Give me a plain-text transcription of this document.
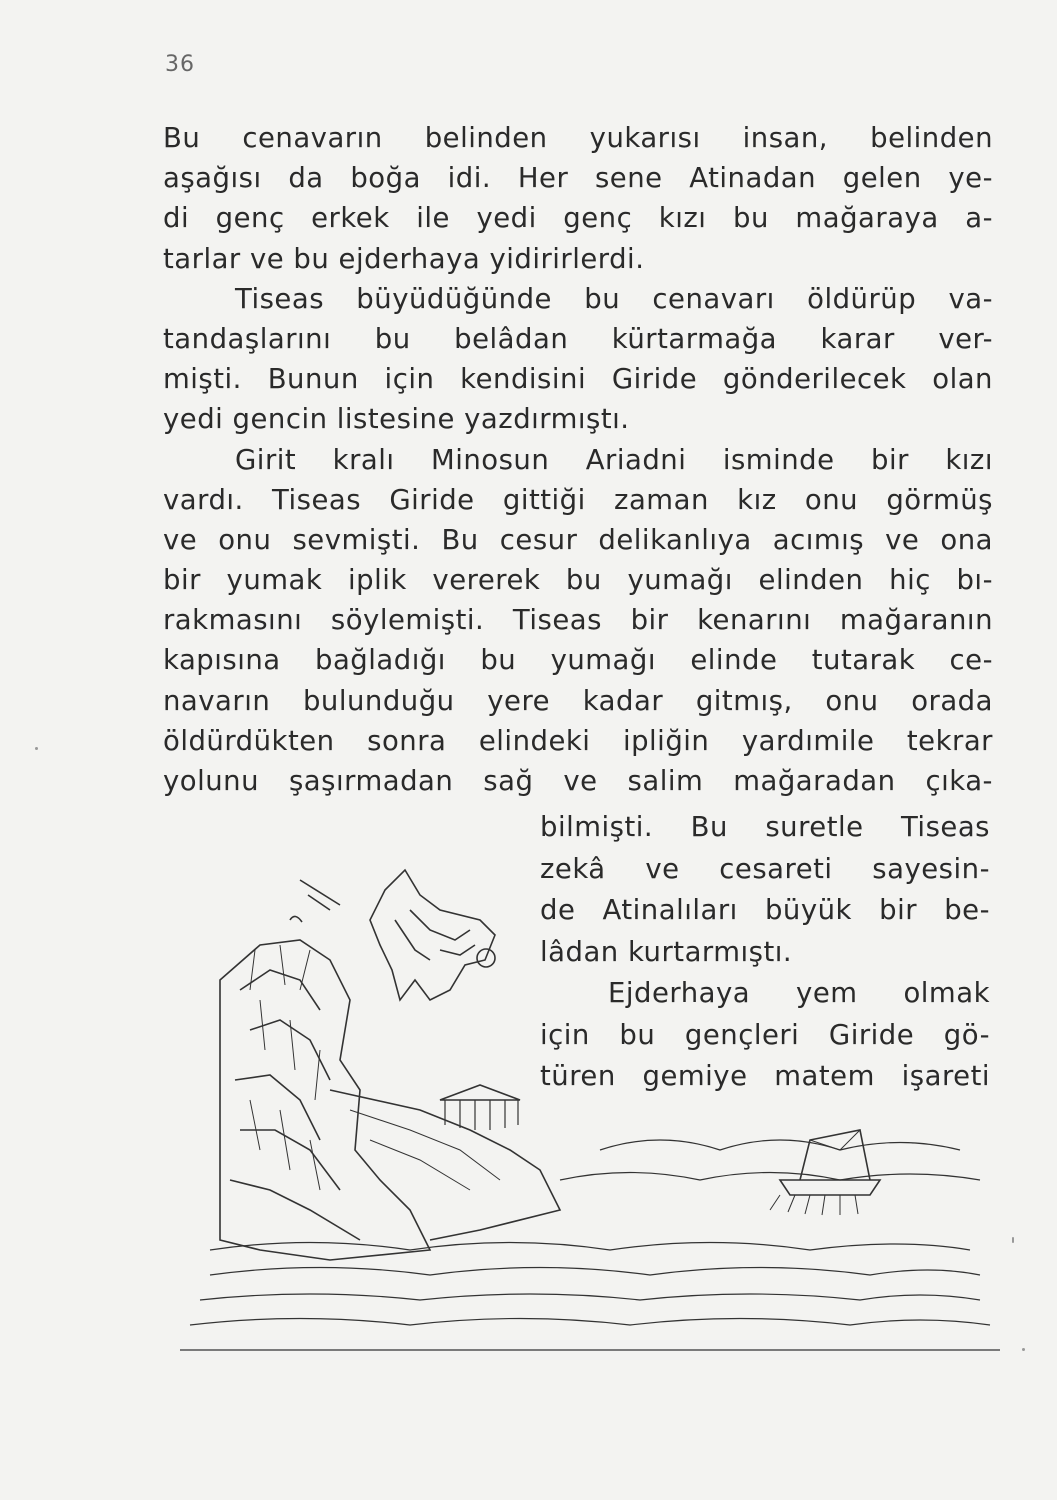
36
Bu cenavarın belinden yukarısı insan, belinden
aşağısı da boğa idi. Her sene Atinadan gelen ye-
di genç erkek ile yedi genç kızı bu mağaraya a-
tarlar ve bu ejderhaya yidirirlerdi.
Tiseas büyüdüğünde bu cenavarı öldürüp va-
tandaşlarını bu belâdan kürtarmağa karar ver-
mişti. Bunun için kendisini Giride gönderilecek olan
yedi gencin listesine yazdırmıştı.
Girit kralı Minosun Ariadni isminde bir kızı
vardı. Tiseas Giride gittiği zaman kız onu görmüş
ve onu sevmişti. Bu cesur delikanlıya acımış ve ona
bir yumak iplik vererek bu yumağı elinden hiç bı-
rakmasını söylemişti. Tiseas bir kenarını mağaranın
kapısına bağladığı bu yumağı elinde tutarak ce-
navarın bulunduğu yere kadar gitmış, onu orada
öldürdükten sonra elindeki ipliğin yardımile tekrar
yolunu şaşırmadan sağ ve salim mağaradan çıka-
bilmişti. Bu suretle Tiseas
zekâ ve cesareti sayesin-
de Atinalıları büyük bir be-
lâdan kurtarmıştı.
Ejderhaya yem olmak
için bu gençleri Giride gö-
türen gemiye matem işareti
